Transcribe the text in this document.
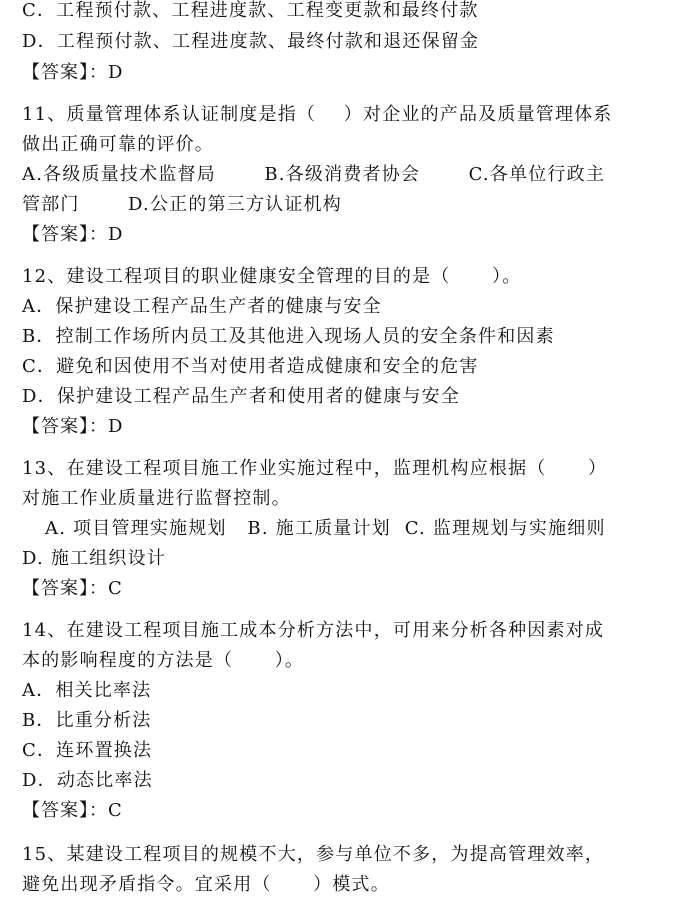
C．工程预付款、工程进度款、工程变更款和最终付款
D．工程预付款、工程进度款、最终付款和退还保留金
【答案】：D
11、质量管理体系认证制度是指（    ）对企业的产品及质量管理体系
做出正确可靠的评价。
A.各级质量技术监督局       B.各级消费者协会       C.各单位行政主
管部门       D.公正的第三方认证机构
【答案】：D
12、建设工程项目的职业健康安全管理的目的是（      ）。
A．保护建设工程产品生产者的健康与安全
B．控制工作场所内员工及其他进入现场人员的安全条件和因素
C．避免和因使用不当对使用者造成健康和安全的危害
D．保护建设工程产品生产者和使用者的健康与安全
【答案】：D
13、在建设工程项目施工作业实施过程中，监理机构应根据（      ）
对施工作业质量进行监督控制。
A. 项目管理实施规划   B. 施工质量计划  C. 监理规划与实施细则
D. 施工组织设计
【答案】：C
14、在建设工程项目施工成本分析方法中，可用来分析各种因素对成
本的影响程度的方法是（      ）。
A．相关比率法
B．比重分析法
C．连环置换法
D．动态比率法
【答案】：C
15、某建设工程项目的规模不大，参与单位不多，为提高管理效率，
避免出现矛盾指令。宜采用（      ）模式。
